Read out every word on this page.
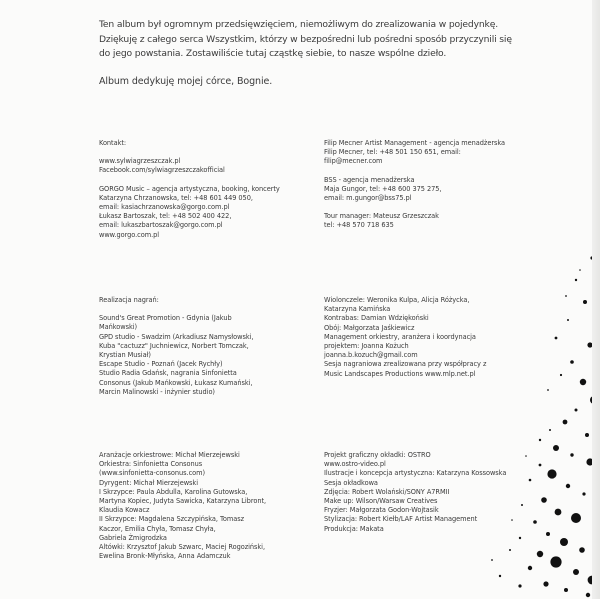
Ten album był ogromnym przedsięwzięciem, niemożliwym do zrealizowania w pojedynkę.
Dziękuję z całego serca Wszystkim, którzy w bezpośredni lub pośredni sposób przyczynili się
do jego powstania. Zostawiliście tutaj cząstkę siebie, to nasze wspólne dzieło.
Album dedykuję mojej córce, Bognie.
Kontakt:
www.sylwiagrzeszczak.pl
Facebook.com/sylwiagrzeszczakofficial
GORGO Music – agencja artystyczna, booking, koncerty
Katarzyna Chrzanowska, tel: +48 601 449 050,
email: kasiachrzanowska@gorgo.com.pl
Łukasz Bartoszak, tel: +48 502 400 422,
email: lukaszbartoszak@gorgo.com.pl
www.gorgo.com.pl
Filip Mecner Artist Management - agencja menadżerska
Filip Mecner, tel: +48 501 150 651, email:
filip@mecner.com
BSS - agencja menadżerska
Maja Gungor, tel: +48 600 375 275,
email: m.gungor@bss75.pl
Tour manager: Mateusz Grzeszczak
tel: +48 570 718 635
Realizacja nagrań:
Sound's Great Promotion - Gdynia (Jakub
Mańkowski)
GPD studio - Swadzim (Arkadiusz Namysłowski,
Kuba "cactuzz" Juchniewicz, Norbert Tomczak,
Krystian Musiał)
Escape Studio - Poznań (Jacek Rychły)
Studio Radia Gdańsk, nagrania Sinfonietta
Consonus (Jakub Mańkowski, Łukasz Kumański,
Marcin Malinowski - inżynier studio)
Wiolonczele: Weronika Kulpa, Alicja Różycka,
Katarzyna Kamińska
Kontrabas: Damian Wdziękoński
Obój: Małgorzata Jaśkiewicz
Management orkiestry, aranżera i koordynacja
projektem: Joanna Kożuch
joanna.b.kozuch@gmail.com
Sesja nagraniowa zrealizowana przy współpracy z
Music Landscapes Productions www.mlp.net.pl
Aranżacje orkiestrowe: Michał Mierzejewski
Orkiestra: Sinfonietta Consonus
(www.sinfonietta-consonus.com)
Dyrygent: Michał Mierzejewski
I Skrzypce: Paula Abdulla, Karolina Gutowska,
Martyna Kopiec, Judyta Sawicka, Katarzyna Libront,
Klaudia Kowacz
II Skrzypce: Magdalena Szczypińska, Tomasz
Kaczor, Emilia Chyła, Tomasz Chyła,
Gabriela Żmigrodzka
Altówki: Krzysztof Jakub Szwarc, Maciej Rogoziński,
Ewelina Bronk-Młyńska, Anna Adamczuk
Projekt graficzny okładki: OSTRO
www.ostro-video.pl
Ilustracje i koncepcja artystyczna: Katarzyna Kossowska
Sesja okładkowa
Zdjęcia: Robert Wolański/SONY A7RMII
Make up: Wilson/Warsaw Creatives
Fryzjer: Małgorzata Godon-Wojtasik
Stylizacja: Robert Kiełb/LAF Artist Management
Produkcja: Makata
